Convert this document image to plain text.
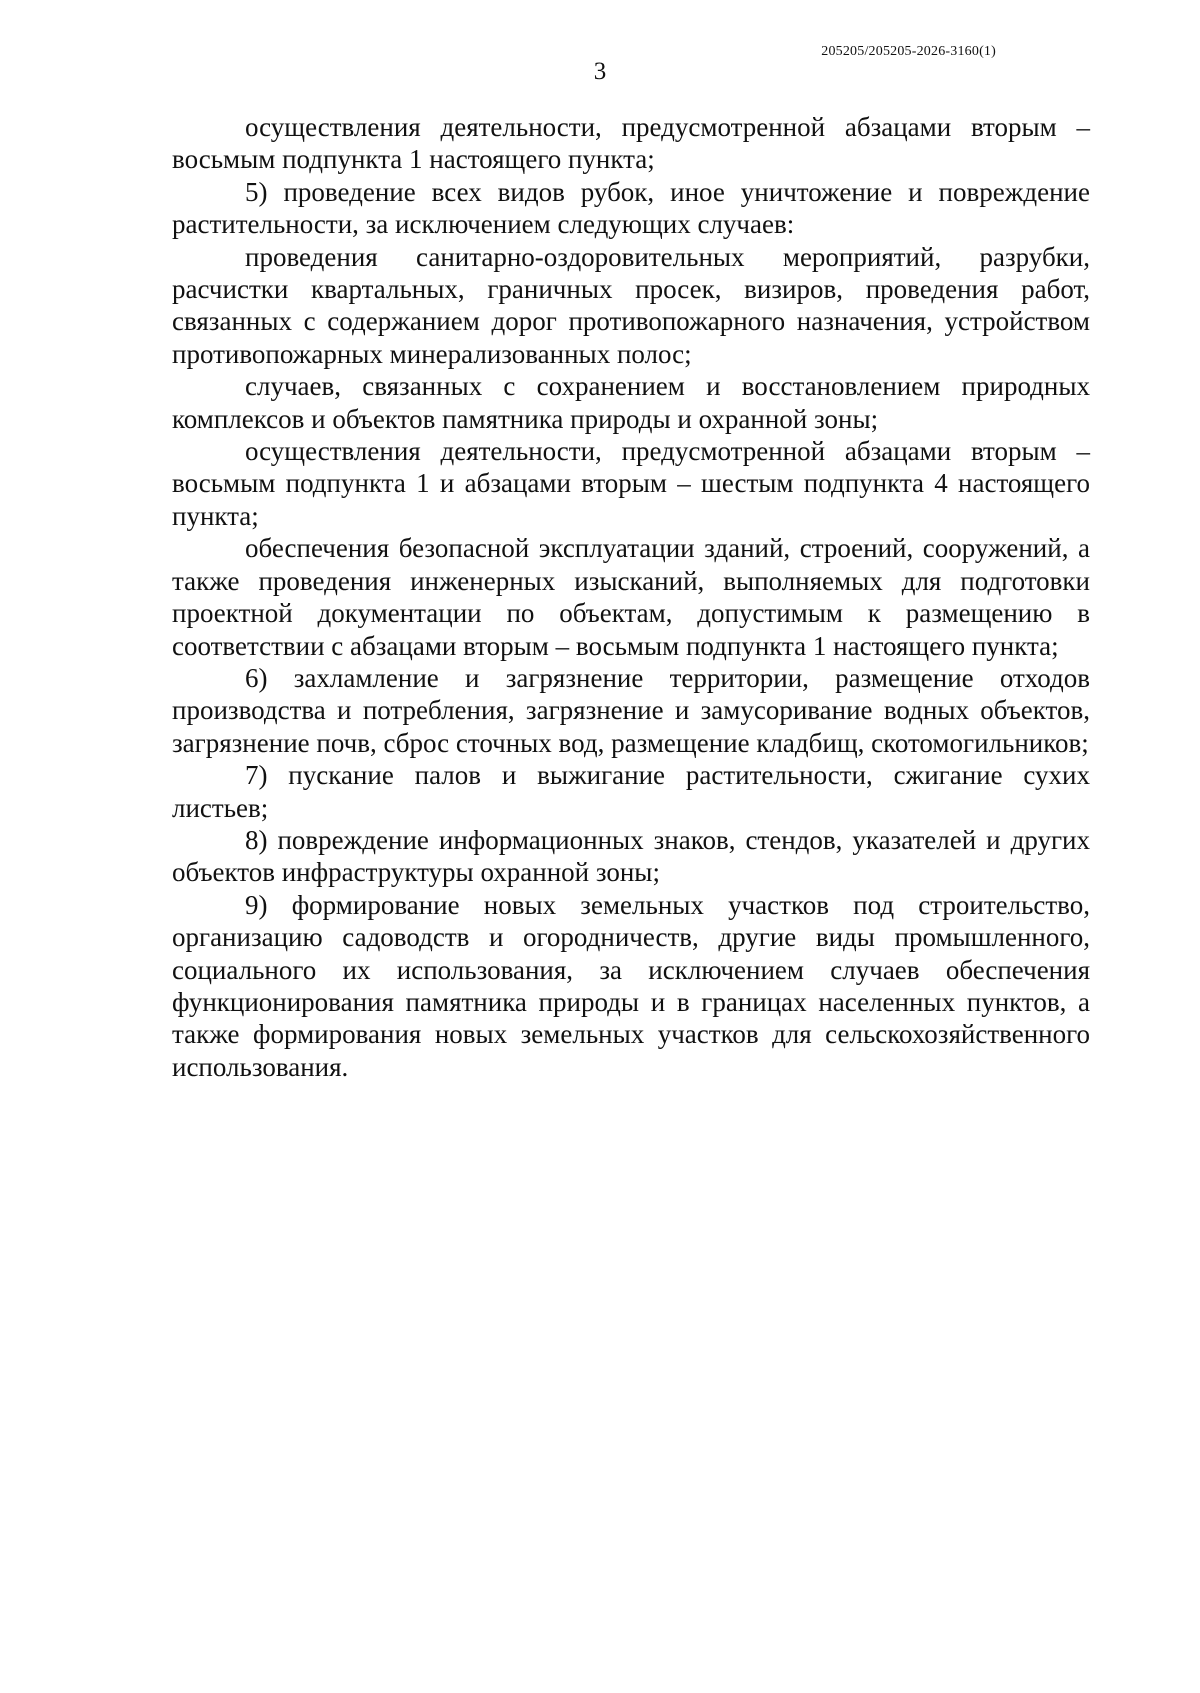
205205/205205-2026-3160(1)
3

осуществления деятельности, предусмотренной абзацами вторым – восьмым подпункта 1 настоящего пункта;

5) проведение всех видов рубок, иное уничтожение и повреждение растительности, за исключением следующих случаев:

проведения санитарно-оздоровительных мероприятий, разрубки, расчистки квартальных, граничных просек, визиров, проведения работ, связанных с содержанием дорог противопожарного назначения, устройством противопожарных минерализованных полос;

случаев, связанных с сохранением и восстановлением природных комплексов и объектов памятника природы и охранной зоны;

осуществления деятельности, предусмотренной абзацами вторым – восьмым подпункта 1 и абзацами вторым – шестым подпункта 4 настоящего пункта;

обеспечения безопасной эксплуатации зданий, строений, сооружений, а также проведения инженерных изысканий, выполняемых для подготовки проектной документации по объектам, допустимым к размещению в соответствии с абзацами вторым – восьмым подпункта 1 настоящего пункта;

6) захламление и загрязнение территории, размещение отходов производства и потребления, загрязнение и замусоривание водных объектов, загрязнение почв, сброс сточных вод, размещение кладбищ, скотомогильников;

7) пускание палов и выжигание растительности, сжигание сухих листьев;

8) повреждение информационных знаков, стендов, указателей и других объектов инфраструктуры охранной зоны;

9) формирование новых земельных участков под строительство, организацию садоводств и огородничеств, другие виды промышленного, социального их использования, за исключением случаев обеспечения функционирования памятника природы и в границах населенных пунктов, а также формирования новых земельных участков для сельскохозяйственного использования.
